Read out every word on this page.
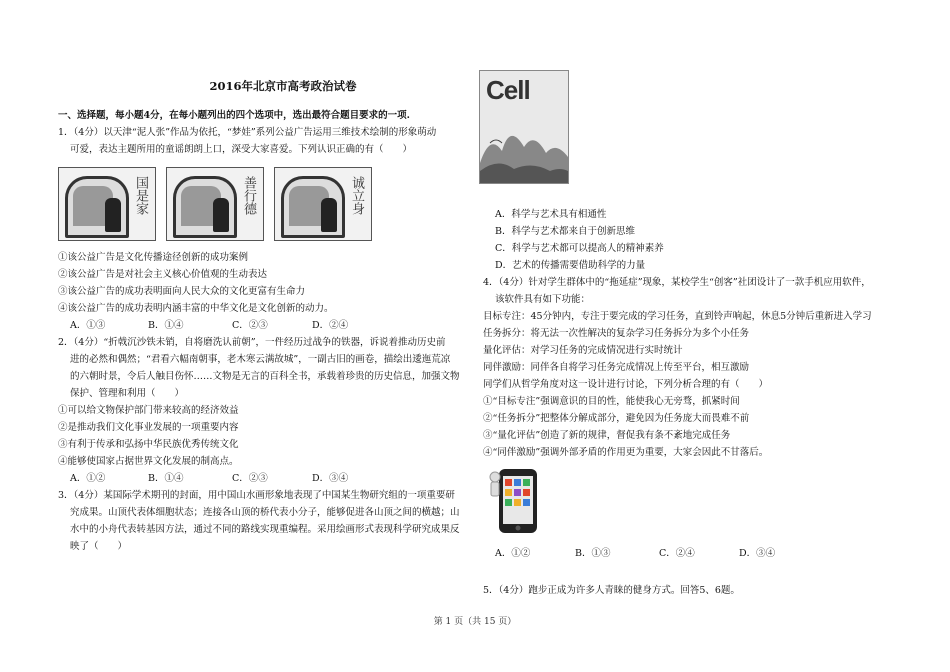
2016年北京市高考政治试卷
一、选择题，每小题4分，在每小题列出的四个选项中，选出最符合题目要求的一项.
1．（4分）以天津“泥人张”作品为依托，“梦娃”系列公益广告运用三维技术绘制的形象萌动
可爱，表达主题所用的童谣朗朗上口，深受大家喜爱。下列认识正确的有（　　）
国是家	善行德	诚立身
①该公益广告是文化传播途径创新的成功案例
②该公益广告是对社会主义核心价值观的生动表达
③该公益广告的成功表明面向人民大众的文化更富有生命力
④该公益广告的成功表明内涵丰富的中华文化是文化创新的动力。
A．①③	B．①④	C．②③	D．②④
2．（4分）“折戟沉沙铁未销，自将磨洗认前朝”，一件经历过战争的铁器，诉说着推动历史前
进的必然和偶然；“君看六幅南朝事，老木寒云满故城”，一副古旧的画卷，描绘出逶迤荒凉
的六朝时景，令后人触目伤怀……文物是无言的百科全书，承载着珍贵的历史信息，加强文物
保护、管理和利用（　　）
①可以给文物保护部门带来较高的经济效益
②是推动我们文化事业发展的一项重要内容
③有利于传承和弘扬中华民族优秀传统文化
④能够使国家占据世界文化发展的制高点。
A．①②	B．①④	C．②③	D．③④
3．（4分）某国际学术期刊的封面，用中国山水画形象地表现了中国某生物研究组的一项重要研
究成果。山顶代表体细胞状态；连接各山顶的桥代表小分子，能够促进各山顶之间的横越；山
水中的小舟代表转基因方法，通过不同的路线实现重编程。采用绘画形式表现科学研究成果反
映了（　　）
Cell
A．科学与艺术具有相通性
B．科学与艺术都来自于创新思维
C．科学与艺术都可以提高人的精神素养
D．艺术的传播需要借助科学的力量
4．（4分）针对学生群体中的“拖延症”现象，某校学生“创客”社团设计了一款手机应用软件，
该软件具有如下功能：
目标专注：45分钟内，专注于要完成的学习任务，直到铃声响起，休息5分钟后重新进入学习
任务拆分：将无法一次性解决的复杂学习任务拆分为多个小任务
量化评估：对学习任务的完成情况进行实时统计
同伴激励：同伴各自将学习任务完成情况上传至平台，相互激励
同学们从哲学角度对这一设计进行讨论，下列分析合理的有（　　）
①“目标专注”强调意识的目的性，能使我心无旁骛，抓紧时间
②“任务拆分”把整体分解成部分，避免因为任务庞大而畏难不前
③“量化评估”创造了新的规律，督促我有条不紊地完成任务
④“同伴激励”强调外部矛盾的作用更为重要，大家会因此不甘落后。
A．①②	B．①③	C．②④	D．③④
5．（4分）跑步正成为许多人青睐的健身方式。回答5、6题。
第 1 页（共 15 页）
